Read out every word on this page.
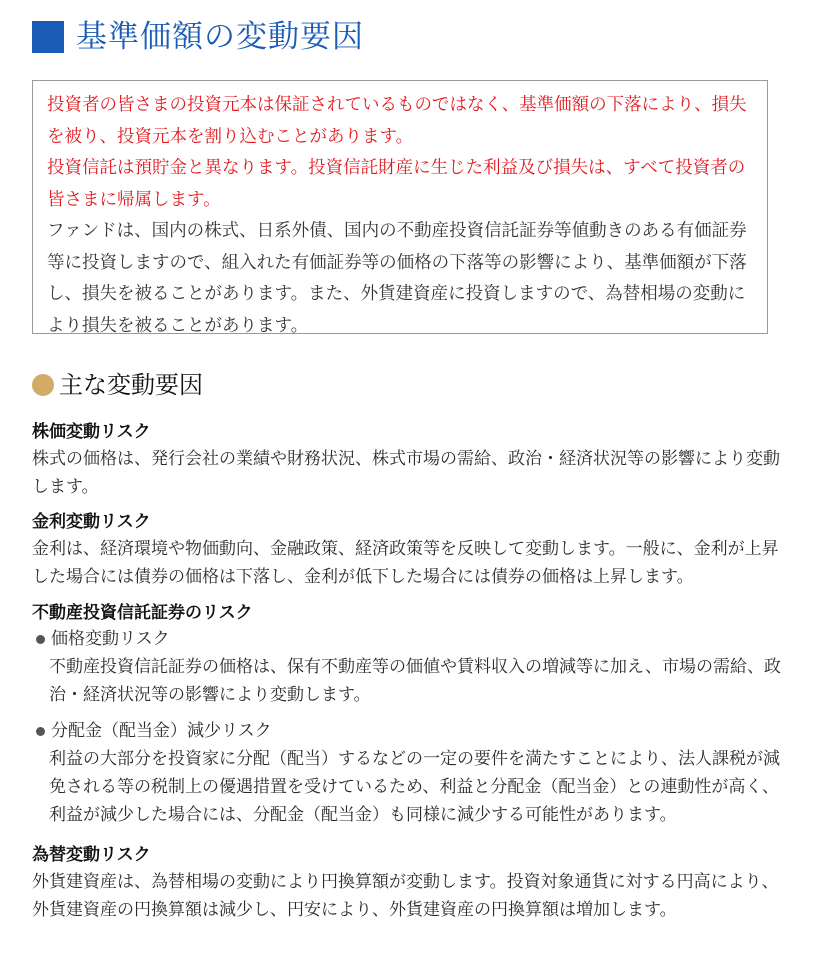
基準価額の変動要因

投資者の皆さまの投資元本は保証されているものではなく、基準価額の下落により、損失を被り、投資元本を割り込むことがあります。

投資信託は預貯金と異なります。投資信託財産に生じた利益及び損失は、すべて投資者の皆さまに帰属します。

ファンドは、国内の株式、日系外債、国内の不動産投資信託証券等値動きのある有価証券等に投資しますので、組入れた有価証券等の価格の下落等の影響により、基準価額が下落し、損失を被ることがあります。また、外貨建資産に投資しますので、為替相場の変動により損失を被ることがあります。

主な変動要因

株価変動リスク

株式の価格は、発行会社の業績や財務状況、株式市場の需給、政治・経済状況等の影響により変動します。

金利変動リスク

金利は、経済環境や物価動向、金融政策、経済政策等を反映して変動します。一般に、金利が上昇した場合には債券の価格は下落し、金利が低下した場合には債券の価格は上昇します。

不動産投資信託証券のリスク

価格変動リスク

不動産投資信託証券の価格は、保有不動産等の価値や賃料収入の増減等に加え、市場の需給、政治・経済状況等の影響により変動します。

分配金（配当金）減少リスク

利益の大部分を投資家に分配（配当）するなどの一定の要件を満たすことにより、法人課税が減免される等の税制上の優遇措置を受けているため、利益と分配金（配当金）との連動性が高く、利益が減少した場合には、分配金（配当金）も同様に減少する可能性があります。

為替変動リスク

外貨建資産は、為替相場の変動により円換算額が変動します。投資対象通貨に対する円高により、外貨建資産の円換算額は減少し、円安により、外貨建資産の円換算額は増加します。
